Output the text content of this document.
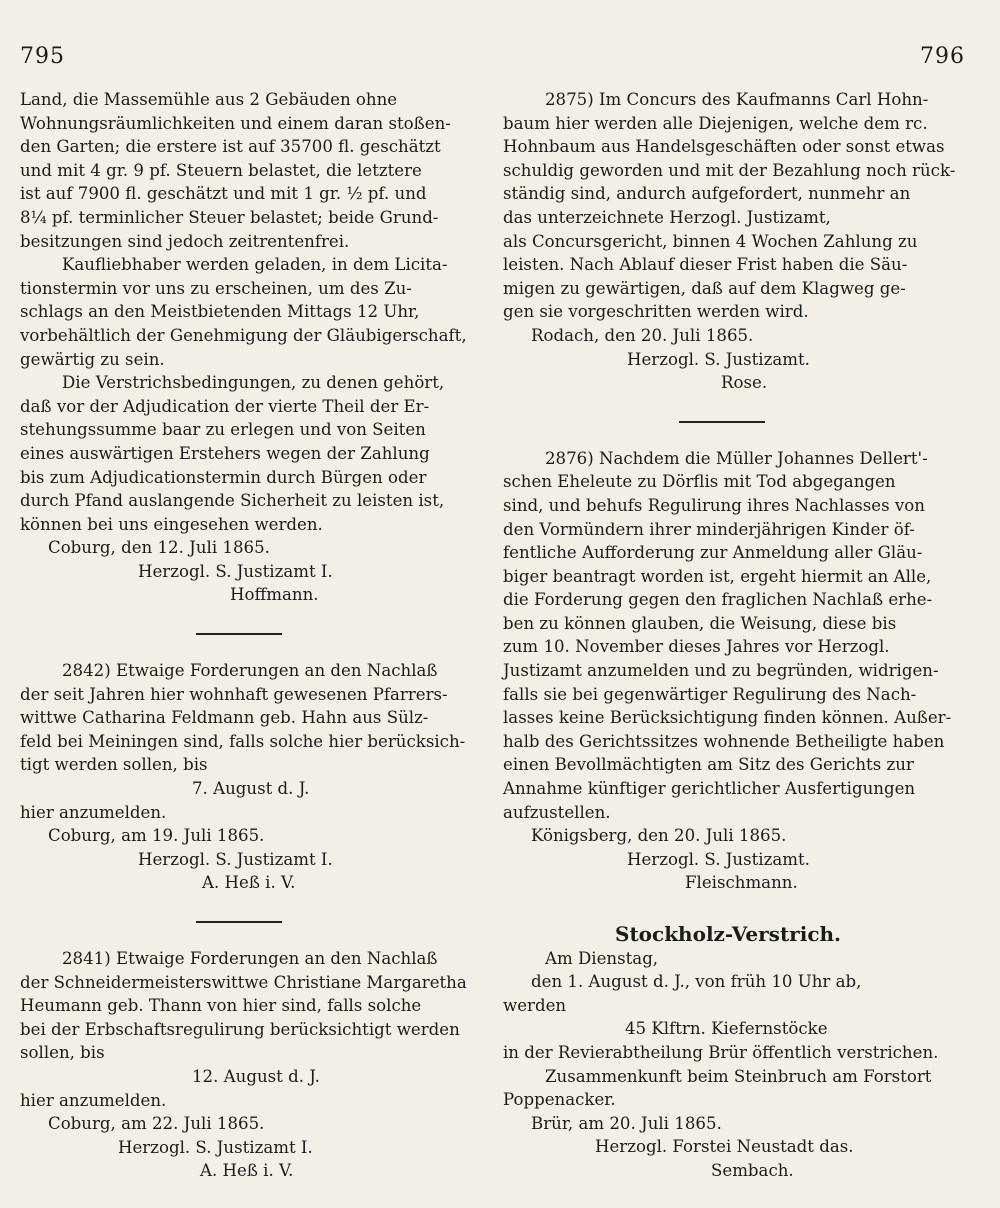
795	796

Land, die Massemühle aus 2 Gebäuden ohne

Wohnungsräumlichkeiten und einem daran stoßen-

den Garten; die erstere ist auf 35700 fl. geschätzt

und mit 4 gr. 9 pf. Steuern belastet, die letztere

ist auf 7900 fl. geschätzt und mit 1 gr. ½ pf. und

8¼ pf. terminlicher Steuer belastet; beide Grund-

besitzungen sind jedoch zeitrentenfrei.

Kaufliebhaber werden geladen, in dem Licita-

tionstermin vor uns zu erscheinen, um des Zu-

schlags an den Meistbietenden Mittags 12 Uhr,

vorbehältlich der Genehmigung der Gläubigerschaft,

gewärtig zu sein.

Die Verstrichsbedingungen, zu denen gehört,

daß vor der Adjudication der vierte Theil der Er-

stehungssumme baar zu erlegen und von Seiten

eines auswärtigen Erstehers wegen der Zahlung

bis zum Adjudicationstermin durch Bürgen oder

durch Pfand auslangende Sicherheit zu leisten ist,

können bei uns eingesehen werden.

Coburg, den 12. Juli 1865.

Herzogl. S. Justizamt I.

Hoffmann.

2842) Etwaige Forderungen an den Nachlaß

der seit Jahren hier wohnhaft gewesenen Pfarrers-

wittwe Catharina Feldmann geb. Hahn aus Sülz-

feld bei Meiningen sind, falls solche hier berücksich-

tigt werden sollen, bis

7. August d. J.

hier anzumelden.

Coburg, am 19. Juli 1865.

Herzogl. S. Justizamt I.

A. Heß i. V.

2841) Etwaige Forderungen an den Nachlaß

der Schneidermeisterswittwe Christiane Margaretha

Heumann geb. Thann von hier sind, falls solche

bei der Erbschaftsregulirung berücksichtigt werden

sollen, bis

12. August d. J.

hier anzumelden.

Coburg, am 22. Juli 1865.

Herzogl. S. Justizamt I.

A. Heß i. V.

2875) Im Concurs des Kaufmanns Carl Hohn-

baum hier werden alle Diejenigen, welche dem rc.

Hohnbaum aus Handelsgeschäften oder sonst etwas

schuldig geworden und mit der Bezahlung noch rück-

ständig sind, andurch aufgefordert, nunmehr an

das unterzeichnete Herzogl. Justizamt,

als Concursgericht, binnen 4 Wochen Zahlung zu

leisten. Nach Ablauf dieser Frist haben die Säu-

migen zu gewärtigen, daß auf dem Klagweg ge-

gen sie vorgeschritten werden wird.

Rodach, den 20. Juli 1865.

Herzogl. S. Justizamt.

Rose.

2876) Nachdem die Müller Johannes Dellert'-

schen Eheleute zu Dörflis mit Tod abgegangen

sind, und behufs Regulirung ihres Nachlasses von

den Vormündern ihrer minderjährigen Kinder öf-

fentliche Aufforderung zur Anmeldung aller Gläu-

biger beantragt worden ist, ergeht hiermit an Alle,

die Forderung gegen den fraglichen Nachlaß erhe-

ben zu können glauben, die Weisung, diese bis

zum 10. November dieses Jahres vor Herzogl.

Justizamt anzumelden und zu begründen, widrigen-

falls sie bei gegenwärtiger Regulirung des Nach-

lasses keine Berücksichtigung finden können. Außer-

halb des Gerichtssitzes wohnende Betheiligte haben

einen Bevollmächtigten am Sitz des Gerichts zur

Annahme künftiger gerichtlicher Ausfertigungen

aufzustellen.

Königsberg, den 20. Juli 1865.

Herzogl. S. Justizamt.

Fleischmann.

Stockholz-Verstrich.

Am Dienstag,

den 1. August d. J., von früh 10 Uhr ab,

werden

45 Klftrn. Kiefernstöcke

in der Revierabtheilung Brür öffentlich verstrichen.

Zusammenkunft beim Steinbruch am Forstort

Poppenacker.

Brür, am 20. Juli 1865.

Herzogl. Forstei Neustadt das.

Sembach.
